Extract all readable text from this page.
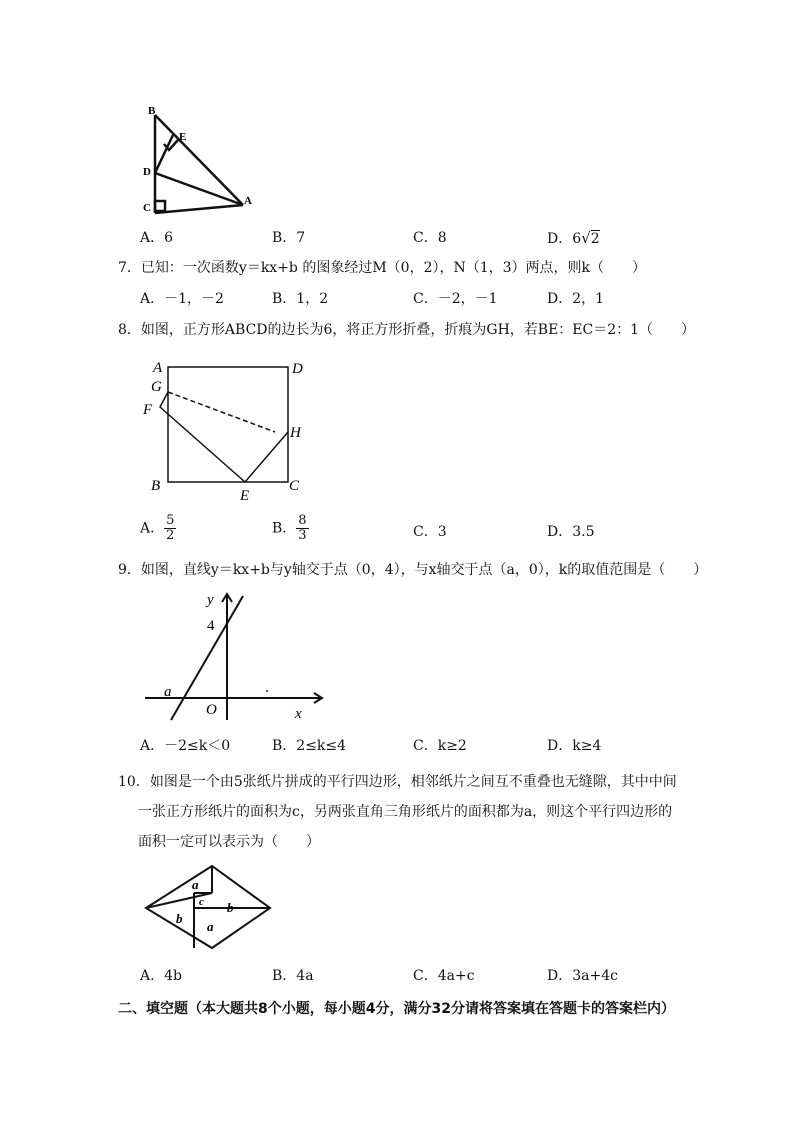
B
E
D
C
A
A．6	B．7	C．8	D．6√2
7．已知：一次函数y＝kx+b 的图象经过M（0，2），N（1，3）两点，则k（　　）
A．－1，－2	B．1，2	C．－2，－1	D．2，1
8．如图，正方形ABCD的边长为6，将正方形折叠，折痕为GH，若BE：EC＝2：1（　　）
A	D
G
F
H
B
E
C
A． $\frac{5}{2}$	B． $\frac{8}{3}$	C．3	D．3.5
9．如图，直线y＝kx+b与y轴交于点（0，4），与x轴交于点（a，0），k的取值范围是（　　）
y
4
a
O	x
A．－2≤k＜0	B．2≤k≤4	C．k≥2	D．k≥4
10．如图是一个由5张纸片拼成的平行四边形，相邻纸片之间互不重叠也无缝隙，其中中间
一张正方形纸片的面积为c，另两张直角三角形纸片的面积都为a，则这个平行四边形的
面积一定可以表示为（　　）
a
b
c b
a
A．4b	B．4a	C．4a+c	D．3a+4c
二、填空题（本大题共8个小题，每小题4分，满分32分请将答案填在答题卡的答案栏内）
